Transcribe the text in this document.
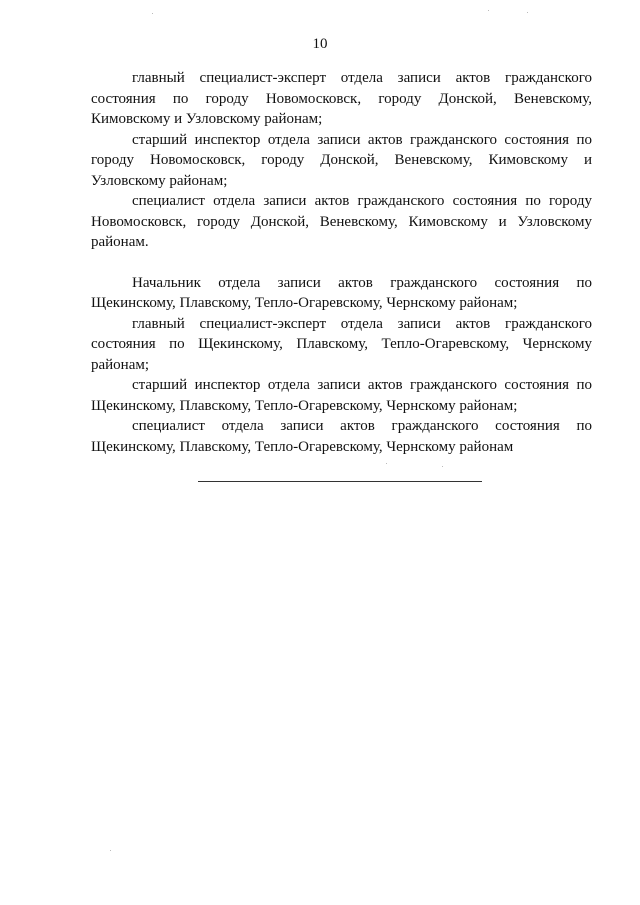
10

главный специалист-эксперт отдела записи актов гражданского состояния по городу Новомосковск, городу Донской, Веневскому, Кимовскому и Узловскому районам;

старший инспектор отдела записи актов гражданского состояния по городу Новомосковск, городу Донской, Веневскому, Кимовскому и Узловскому районам;

специалист отдела записи актов гражданского состояния по городу Новомосковск, городу Донской, Веневскому, Кимовскому и Узловскому районам.

Начальник отдела записи актов гражданского состояния по Щекинскому, Плавскому, Тепло-Огаревскому, Чернскому районам;

главный специалист-эксперт отдела записи актов гражданского состояния по Щекинскому, Плавскому, Тепло-Огаревскому, Чернскому районам;

старший инспектор отдела записи актов гражданского состояния по Щекинскому, Плавскому, Тепло-Огаревскому, Чернскому районам;

специалист отдела записи актов гражданского состояния по Щекинскому, Плавскому, Тепло-Огаревскому, Чернскому районам
